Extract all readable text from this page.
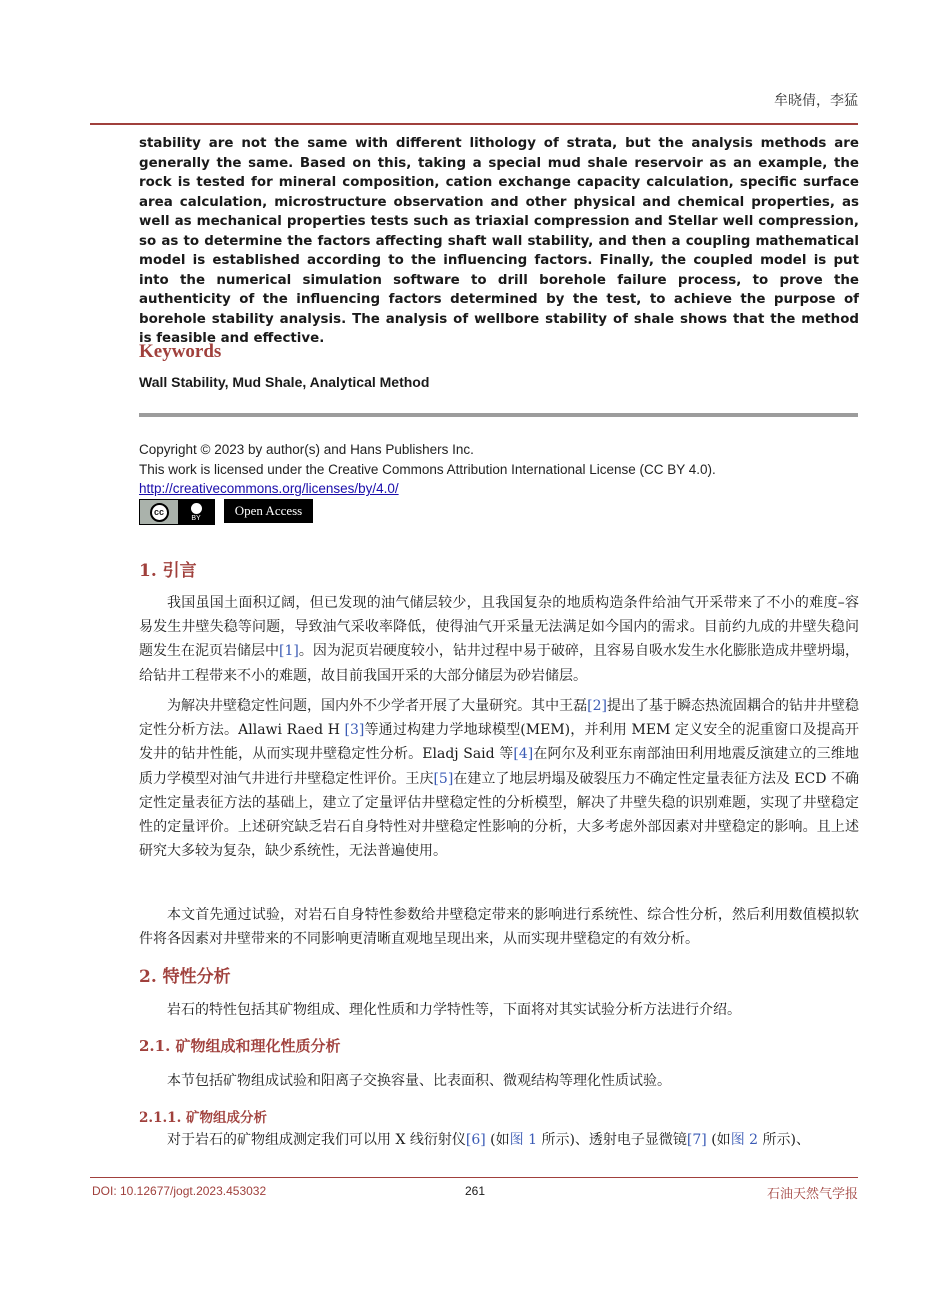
牟晓倩，李猛
stability are not the same with different lithology of strata, but the analysis methods are generally the same. Based on this, taking a special mud shale reservoir as an example, the rock is tested for mineral composition, cation exchange capacity calculation, specific surface area calculation, microstructure observation and other physical and chemical properties, as well as mechanical properties tests such as triaxial compression and Stellar well compression, so as to determine the factors affecting shaft wall stability, and then a coupling mathematical model is established according to the influencing factors. Finally, the coupled model is put into the numerical simulation software to drill borehole failure process, to prove the authenticity of the influencing factors determined by the test, to achieve the purpose of borehole stability analysis. The analysis of wellbore stability of shale shows that the method is feasible and effective.
Keywords
Wall Stability, Mud Shale, Analytical Method
Copyright © 2023 by author(s) and Hans Publishers Inc.
This work is licensed under the Creative Commons Attribution International License (CC BY 4.0).
http://creativecommons.org/licenses/by/4.0/
cc
BY	Open Access
1. 引言
我国虽国土面积辽阔，但已发现的油气储层较少，且我国复杂的地质构造条件给油气开采带来了不小的难度–容易发生井壁失稳等问题，导致油气采收率降低，使得油气开采量无法满足如今国内的需求。目前约九成的井壁失稳问题发生在泥页岩储层中[1]。因为泥页岩硬度较小，钻井过程中易于破碎，且容易自吸水发生水化膨胀造成井壁坍塌，给钻井工程带来不小的难题，故目前我国开采的大部分储层为砂岩储层。
为解决井壁稳定性问题，国内外不少学者开展了大量研究。其中王磊[2]提出了基于瞬态热流固耦合的钻井井壁稳定性分析方法。Allawi Raed H [3]等通过构建力学地球模型(MEM)，并利用 MEM 定义安全的泥重窗口及提高开发井的钻井性能，从而实现井壁稳定性分析。Eladj Said 等[4]在阿尔及利亚东南部油田利用地震反演建立的三维地质力学模型对油气井进行井壁稳定性评价。王庆[5]在建立了地层坍塌及破裂压力不确定性定量表征方法及 ECD 不确定性定量表征方法的基础上，建立了定量评估井壁稳定性的分析模型，解决了井壁失稳的识别难题，实现了井壁稳定性的定量评价。上述研究缺乏岩石自身特性对井壁稳定性影响的分析，大多考虑外部因素对井壁稳定的影响。且上述研究大多较为复杂，缺少系统性，无法普遍使用。
本文首先通过试验，对岩石自身特性参数给井壁稳定带来的影响进行系统性、综合性分析，然后利用数值模拟软件将各因素对井壁带来的不同影响更清晰直观地呈现出来，从而实现井壁稳定的有效分析。
2. 特性分析
岩石的特性包括其矿物组成、理化性质和力学特性等，下面将对其实试验分析方法进行介绍。
2.1. 矿物组成和理化性质分析
本节包括矿物组成试验和阳离子交换容量、比表面积、微观结构等理化性质试验。
2.1.1. 矿物组成分析
对于岩石的矿物组成测定我们可以用 X 线衍射仪[6] (如图 1 所示)、透射电子显微镜[7] (如图 2 所示)、
DOI: 10.12677/jogt.2023.453032	261	石油天然气学报
